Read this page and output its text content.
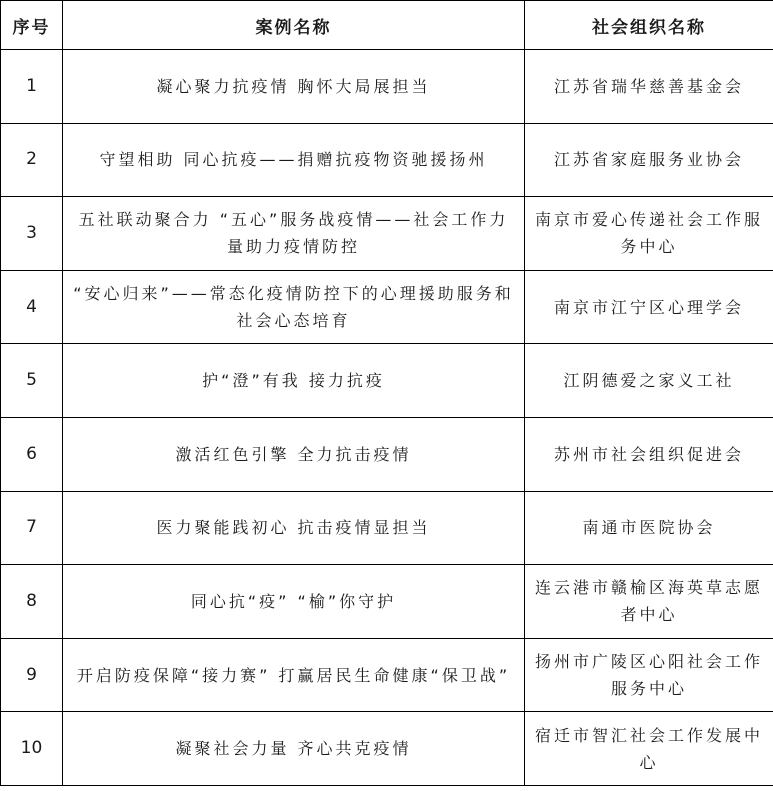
序号	案例名称	社会组织名称
1	凝心聚力抗疫情 胸怀大局展担当	江苏省瑞华慈善基金会
2	守望相助 同心抗疫——捐赠抗疫物资驰援扬州	江苏省家庭服务业协会
3	五社联动聚合力 “五心”服务战疫情——社会工作力量助力疫情防控	南京市爱心传递社会工作服务中心
4	“安心归来”——常态化疫情防控下的心理援助服务和社会心态培育	南京市江宁区心理学会
5	护“澄”有我 接力抗疫	江阴德爱之家义工社
6	激活红色引擎 全力抗击疫情	苏州市社会组织促进会
7	医力聚能践初心 抗击疫情显担当	南通市医院协会
8	同心抗“疫” “榆”你守护	连云港市赣榆区海英草志愿者中心
9	开启防疫保障“接力赛” 打赢居民生命健康“保卫战”	扬州市广陵区心阳社会工作服务中心
10	凝聚社会力量 齐心共克疫情	宿迁市智汇社会工作发展中心
